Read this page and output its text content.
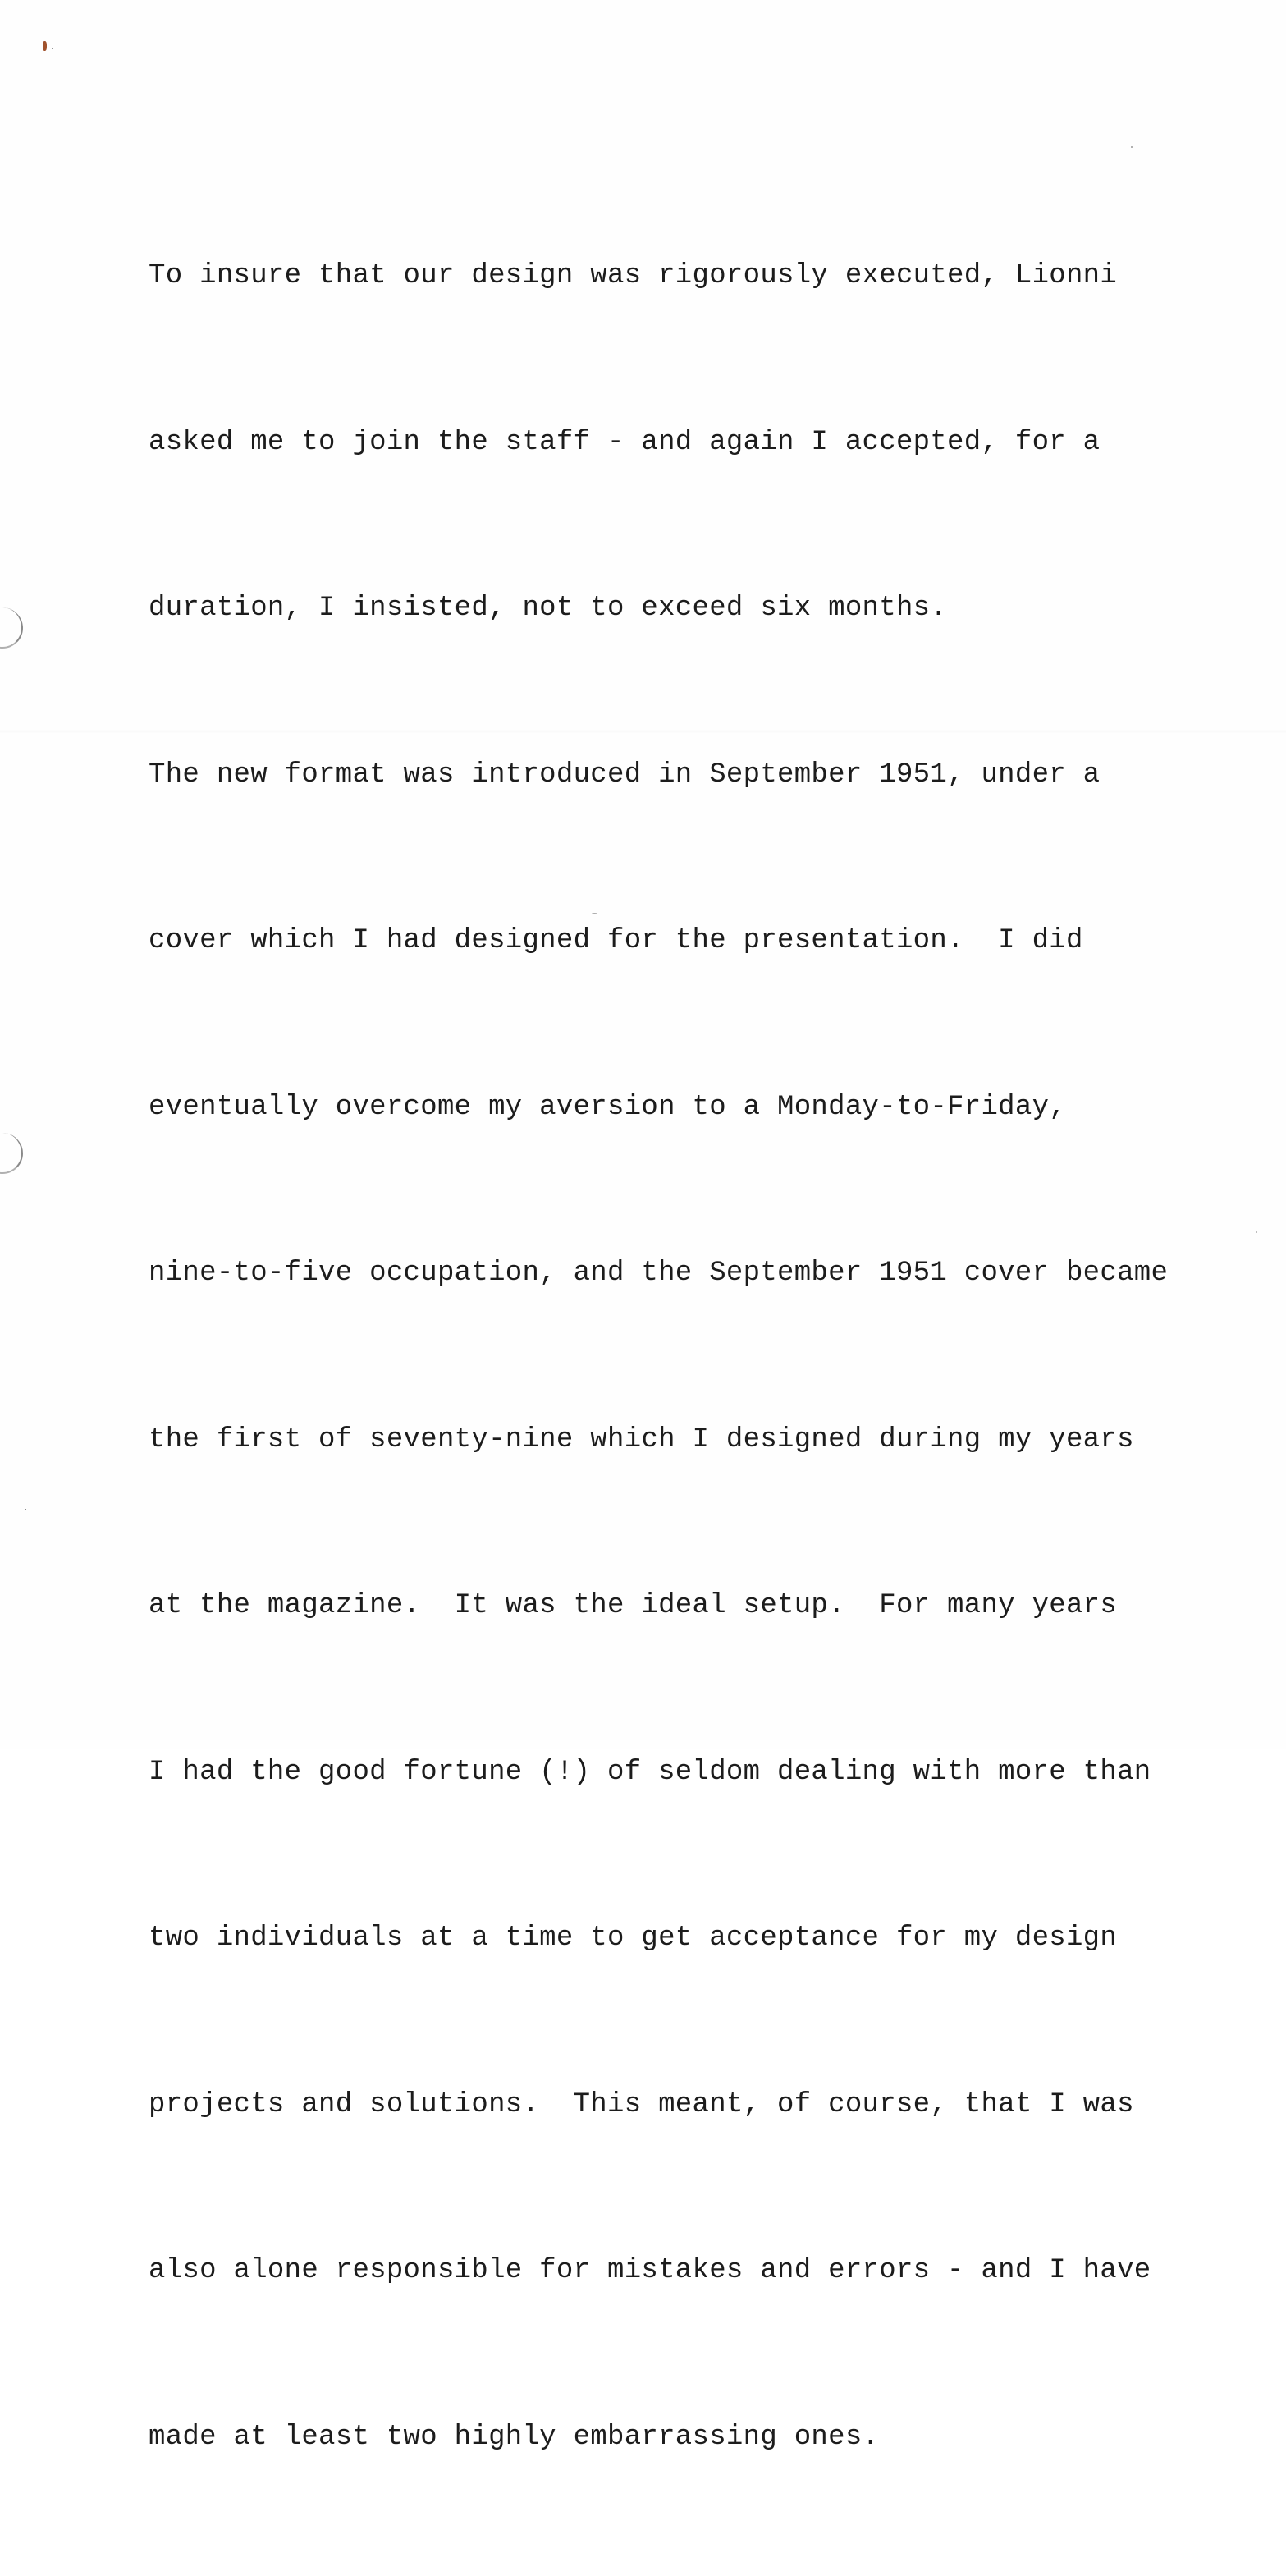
To insure that our design was rigorously executed, Lionni

asked me to join the staff - and again I accepted, for a

duration, I insisted, not to exceed six months.

The new format was introduced in September 1951, under a

cover which I had designed for the presentation.  I did

eventually overcome my aversion to a Monday-to-Friday,

nine-to-five occupation, and the September 1951 cover became

the first of seventy-nine which I designed during my years

at the magazine.  It was the ideal setup.  For many years

I had the good fortune (!) of seldom dealing with more than

two individuals at a time to get acceptance for my design

projects and solutions.  This meant, of course, that I was

also alone responsible for mistakes and errors - and I have

made at least two highly embarrassing ones.
